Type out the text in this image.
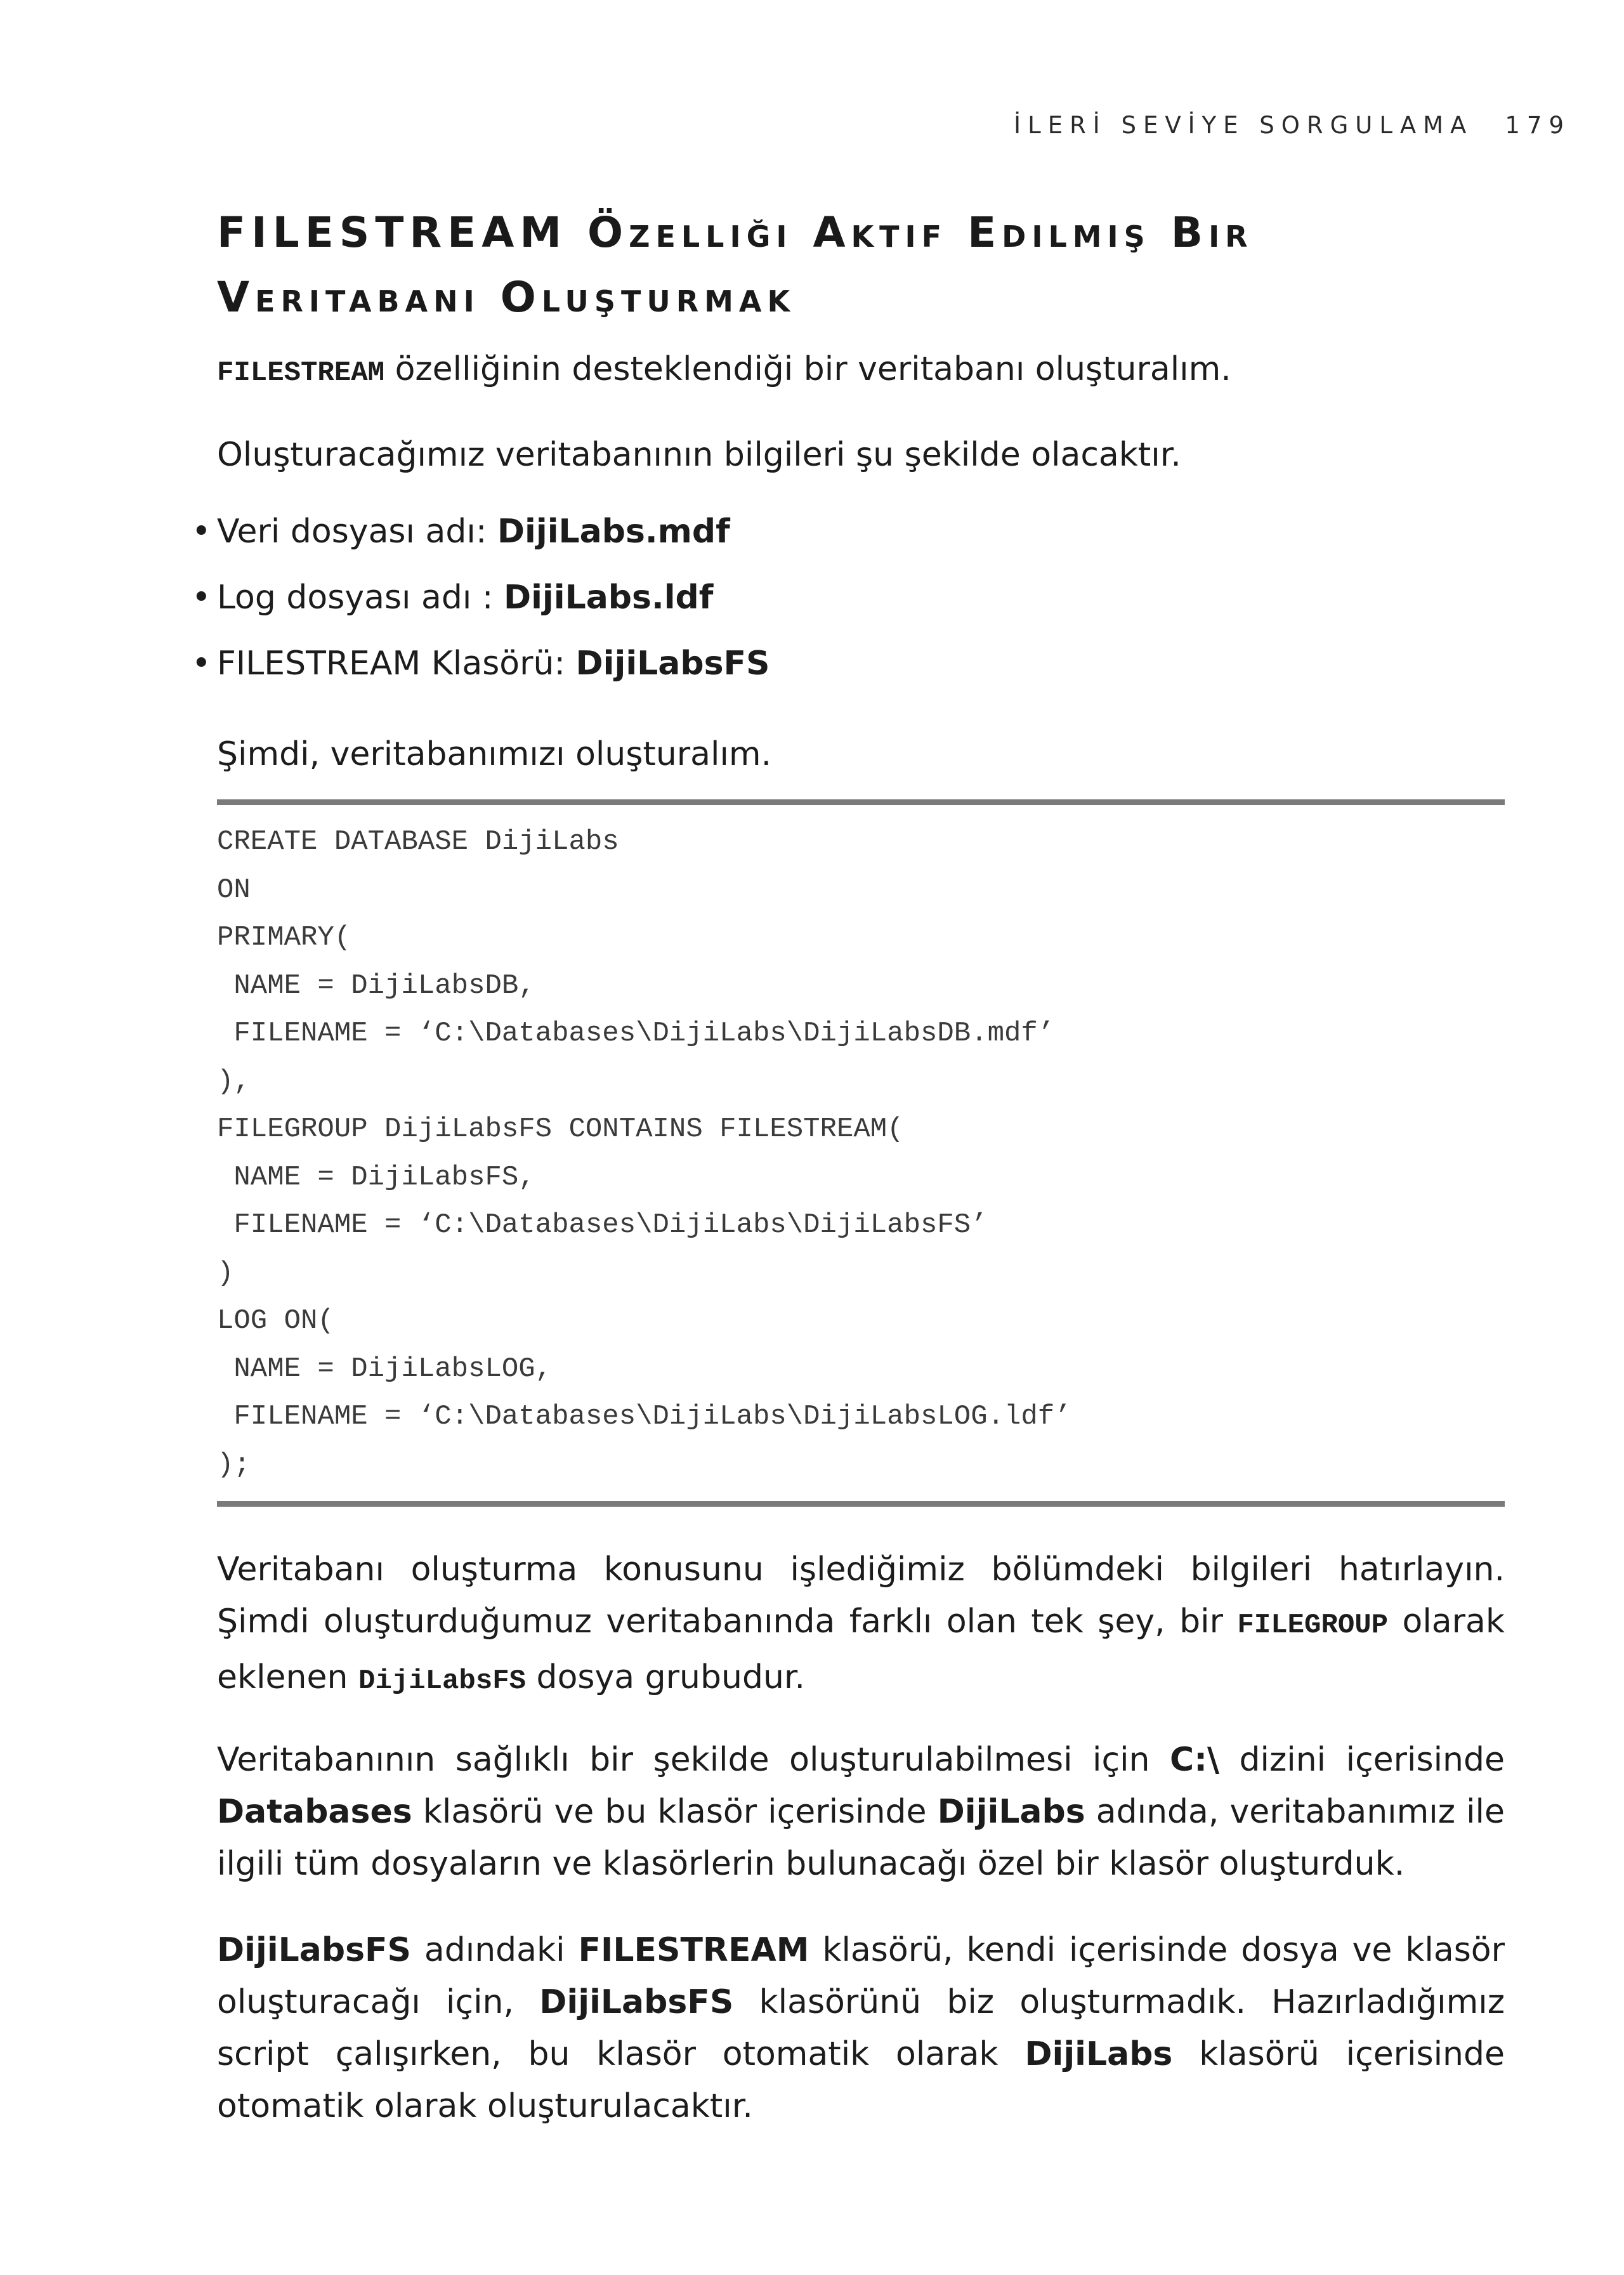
İLERİ SEVİYE SORGULAMA 179
FILESTREAM Özelliği Aktif Edilmiş Bir Veritabanı Oluşturmak

FILESTREAM özelliğinin desteklendiği bir veritabanı oluşturalım.

Oluşturacağımız veritabanının bilgileri şu şekilde olacaktır.

• Veri dosyası adı: DijiLabs.mdf
• Log dosyası adı : DijiLabs.ldf
• FILESTREAM Klasörü: DijiLabsFS

Şimdi, veritabanımızı oluşturalım.

CREATE DATABASE DijiLabs
ON
PRIMARY(
NAME = DijiLabsDB,
FILENAME = ‘C:\Databases\DijiLabs\DijiLabsDB.mdf’
),
FILEGROUP DijiLabsFS CONTAINS FILESTREAM(
NAME = DijiLabsFS,
FILENAME = ‘C:\Databases\DijiLabs\DijiLabsFS’
)
LOG ON(
NAME = DijiLabsLOG,
FILENAME = ‘C:\Databases\DijiLabs\DijiLabsLOG.ldf’
);

Veritabanı oluşturma konusunu işlediğimiz bölümdeki bilgileri hatırlayın. Şimdi oluşturduğumuz veritabanında farklı olan tek şey, bir FILEGROUP olarak eklenen DijiLabsFS dosya grubudur.

Veritabanının sağlıklı bir şekilde oluşturulabilmesi için C:\ dizini içerisinde Databases klasörü ve bu klasör içerisinde DijiLabs adında, veritabanımız ile ilgili tüm dosyaların ve klasörlerin bulunacağı özel bir klasör oluşturduk.

DijiLabsFS adındaki FILESTREAM klasörü, kendi içerisinde dosya ve klasör oluşturacağı için, DijiLabsFS klasörünü biz oluşturmadık. Hazırladığımız script çalışırken, bu klasör otomatik olarak DijiLabs klasörü içerisinde otomatik olarak oluşturulacaktır.
